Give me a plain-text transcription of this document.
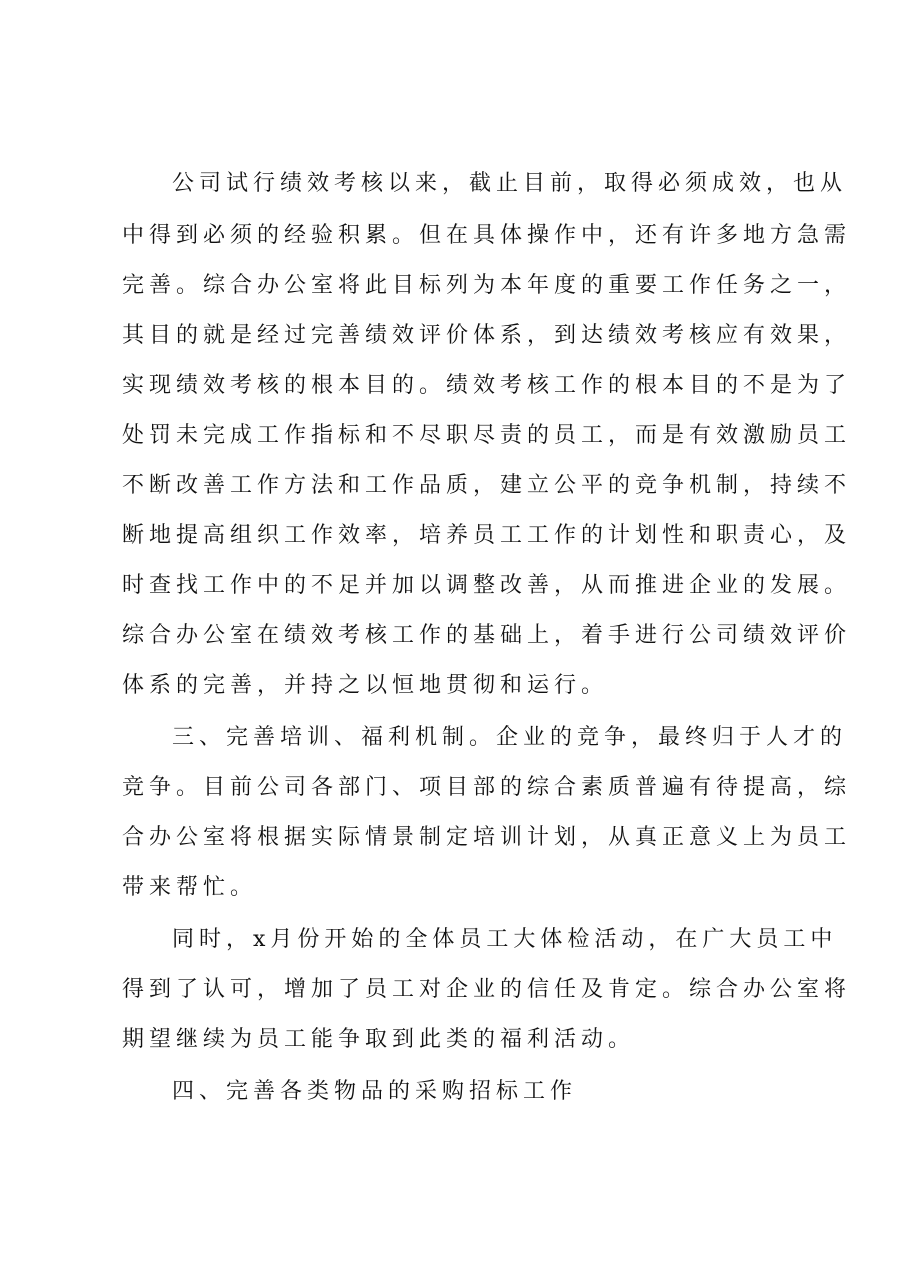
公司试行绩效考核以来，截止目前，取得必须成效，也从
中得到必须的经验积累。但在具体操作中，还有许多地方急需
完善。综合办公室将此目标列为本年度的重要工作任务之一，
其目的就是经过完善绩效评价体系，到达绩效考核应有效果，
实现绩效考核的根本目的。绩效考核工作的根本目的不是为了
处罚未完成工作指标和不尽职尽责的员工，而是有效激励员工
不断改善工作方法和工作品质，建立公平的竞争机制，持续不
断地提高组织工作效率，培养员工工作的计划性和职责心，及
时查找工作中的不足并加以调整改善，从而推进企业的发展。
综合办公室在绩效考核工作的基础上，着手进行公司绩效评价
体系的完善，并持之以恒地贯彻和运行。
三、完善培训、福利机制。企业的竞争，最终归于人才的
竞争。目前公司各部门、项目部的综合素质普遍有待提高，综
合办公室将根据实际情景制定培训计划，从真正意义上为员工
带来帮忙。
同时，x月份开始的全体员工大体检活动，在广大员工中
得到了认可，增加了员工对企业的信任及肯定。综合办公室将
期望继续为员工能争取到此类的福利活动。
四、完善各类物品的采购招标工作
